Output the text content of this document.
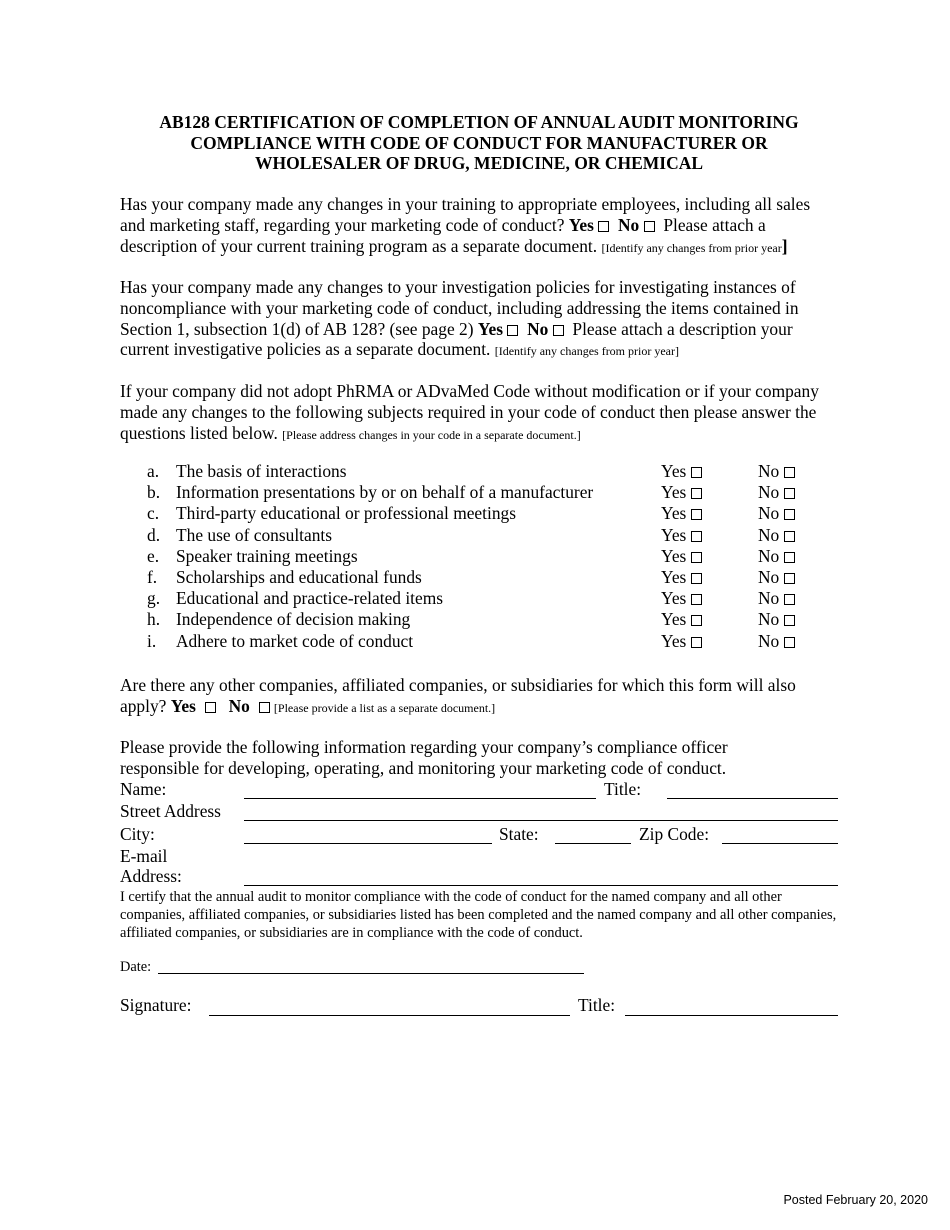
AB128 CERTIFICATION OF COMPLETION OF ANNUAL AUDIT MONITORING
COMPLIANCE WITH CODE OF CONDUCT FOR MANUFACTURER OR
WHOLESALER OF DRUG, MEDICINE, OR CHEMICAL
Has your company made any changes in your training to appropriate employees, including all sales and marketing staff, regarding your marketing code of conduct? Yes No Please attach a description of your current training program as a separate document. [Identify any changes from prior year]
Has your company made any changes to your investigation policies for investigating instances of noncompliance with your marketing code of conduct, including addressing the items contained in Section 1, subsection 1(d) of AB 128? (see page 2) Yes No Please attach a description your current investigative policies as a separate document. [Identify any changes from prior year]
If your company did not adopt PhRMA or ADvaMed Code without modification or if your company made any changes to the following subjects required in your code of conduct then please answer the questions listed below. [Please address changes in your code in a separate document.]
a. The basis of interactions	Yes	No
b. Information presentations by or on behalf of a manufacturer	Yes	No
c. Third-party educational or professional meetings	Yes	No
d. The use of consultants	Yes	No
e. Speaker training meetings	Yes	No
f. Scholarships and educational funds	Yes	No
g. Educational and practice-related items	Yes	No
h. Independence of decision making	Yes	No
i. Adhere to market code of conduct	Yes	No
Are there any other companies, affiliated companies, or subsidiaries for which this form will also apply? Yes No [Please provide a list as a separate document.]
Please provide the following information regarding your company’s compliance officer responsible for developing, operating, and monitoring your marketing code of conduct.
Name:	Title:
Street Address
City:	State:	Zip Code:
E-mail
Address:
I certify that the annual audit to monitor compliance with the code of conduct for the named company and all other companies, affiliated companies, or subsidiaries listed has been completed and the named company and all other companies, affiliated companies, or subsidiaries are in compliance with the code of conduct.
Date:
Signature:	Title:
Posted February 20, 2020
